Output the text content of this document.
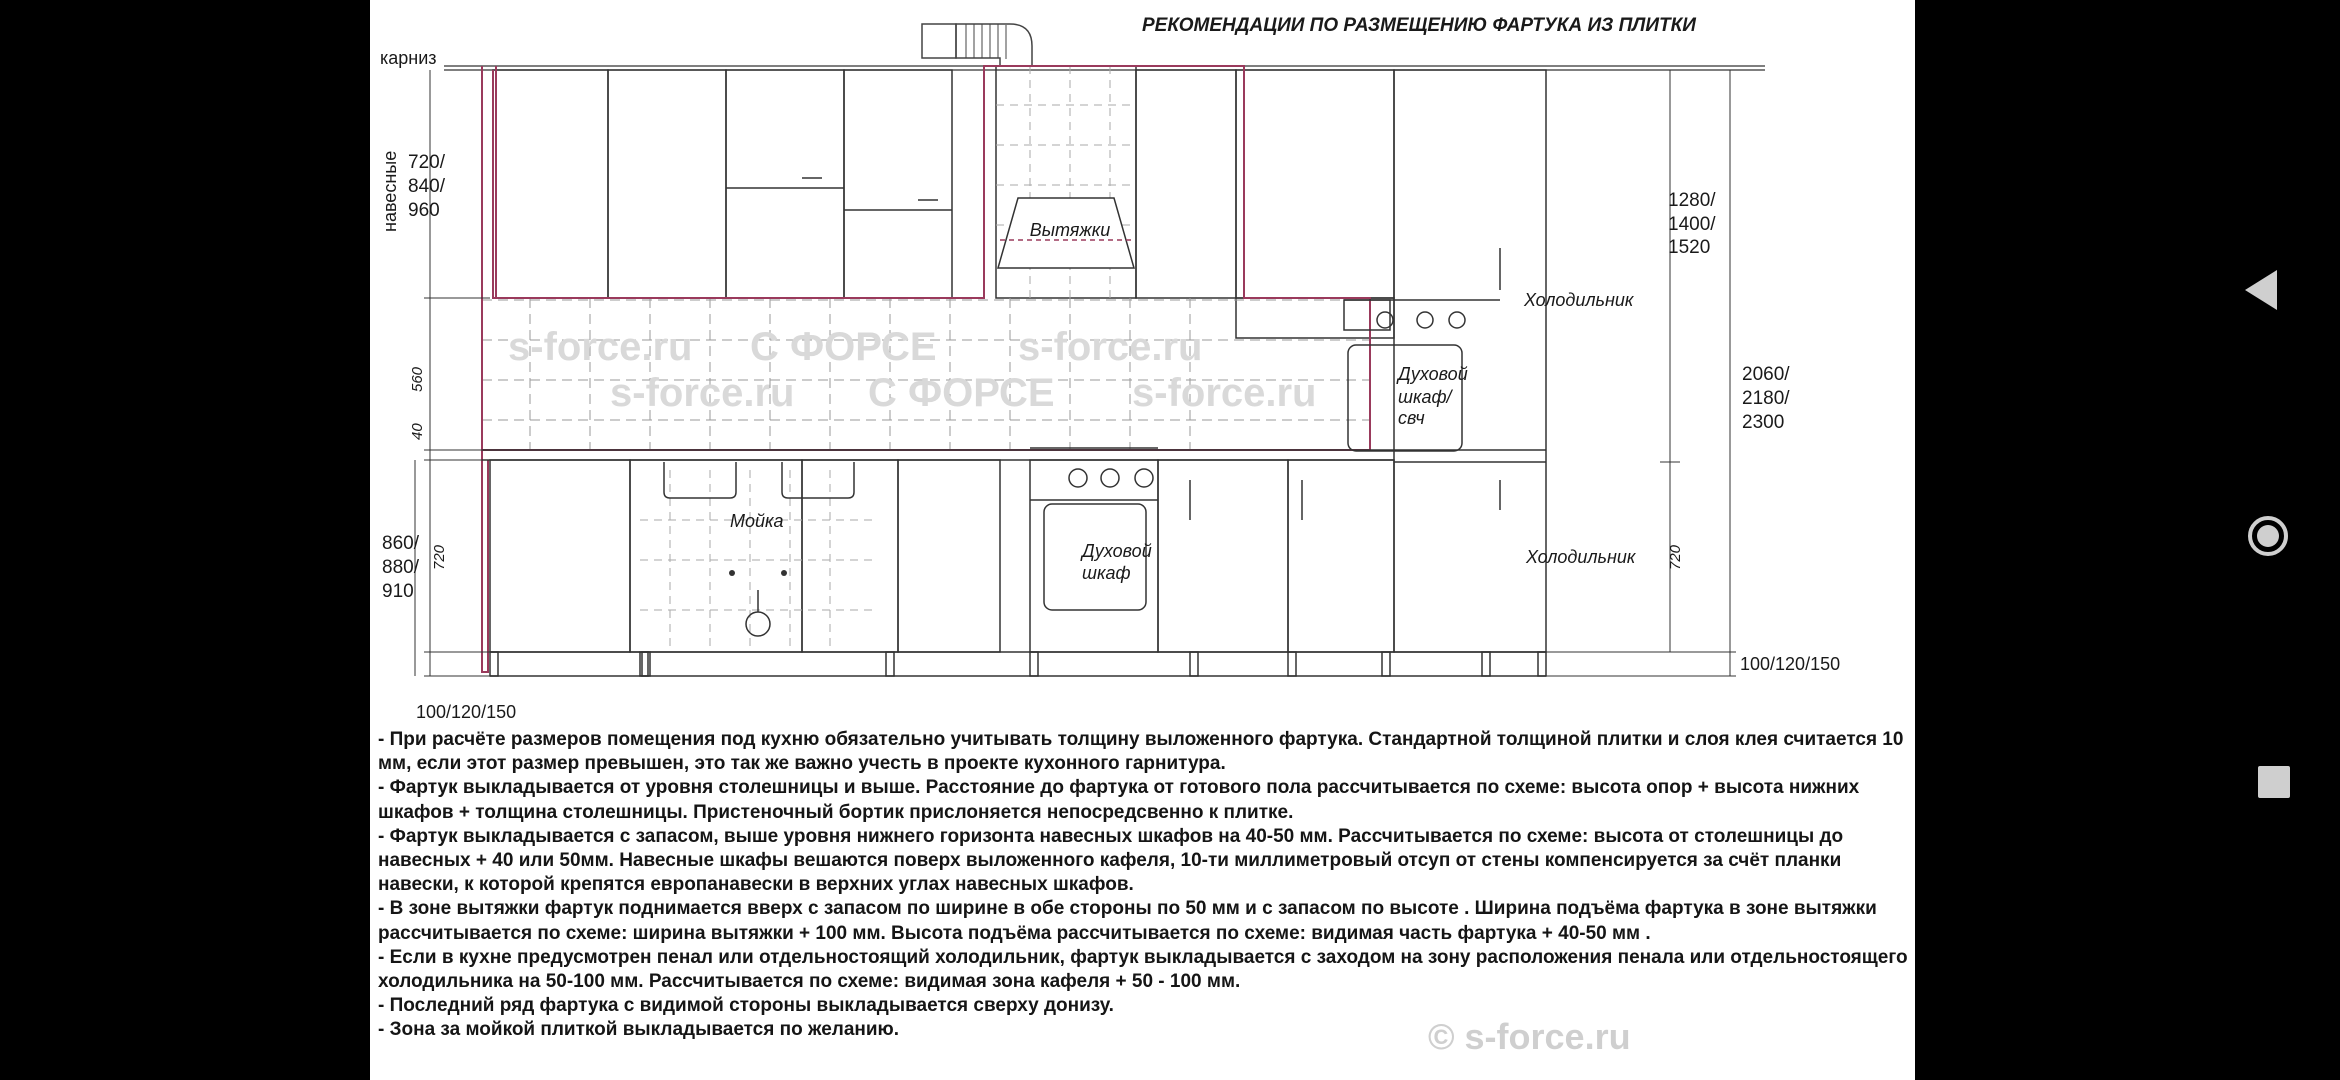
РЕКОМЕНДАЦИИ ПО РАЗМЕЩЕНИЮ ФАРТУКА ИЗ ПЛИТКИ
Вытяжки
s-force.ru С ФОРСЕ s-force.ru
s-force.ru С ФОРСЕ s-force.ru	Духовой
шкаф/
свч
Холодильник
Холодильник
Мойка
Духовой
шкаф
карниз
навесные 720/
840/
960
560
40
860/
880/
910
720
100/120/150
1280/
1400/
1520
2060/
2180/
2300
720
100/120/150

- При расчёте размеров помещения под кухню обязательно учитывать толщину выложенного фартука. Стандартной толщиной плитки и слоя клея считается 10 мм, если этот размер превышен, это так же важно учесть в проекте кухонного гарнитура.

- Фартук выкладывается от уровня столешницы и выше. Расстояние до фартука от готового пола рассчитывается по схеме: высота опор + высота нижних шкафов + толщина столешницы. Пристеночный бортик прислоняется непосредсвенно к плитке.

- Фартук выкладывается с запасом, выше уровня нижнего горизонта навесных шкафов на 40-50 мм. Рассчитывается по схеме: высота от столешницы до навесных + 40 или 50мм. Навесные шкафы вешаются поверх выложенного кафеля, 10-ти миллиметровый отсуп от стены компенсируется за счёт планки навески, к которой крепятся европанавески в верхних углах навесных шкафов.

- В зоне вытяжки фартук поднимается вверх с запасом по ширине в обе стороны по 50 мм и с запасом по высоте . Ширина подъёма фартука в зоне вытяжки рассчитывается по схеме: ширина вытяжки + 100 мм. Высота подъёма рассчитывается по схеме: видимая часть фартука + 40-50 мм .

- Если в кухне предусмотрен пенал или отдельностоящий холодильник, фартук выкладывается с заходом на зону расположения пенала или отдельностоящего холодильника на 50-100 мм. Рассчитывается по схеме: видимая зона кафеля + 50 - 100 мм.

- Последний ряд фартука с видимой стороны выкладывается сверху донизу.

- Зона за мойкой плиткой выкладывается по желанию.	© s-force.ru
